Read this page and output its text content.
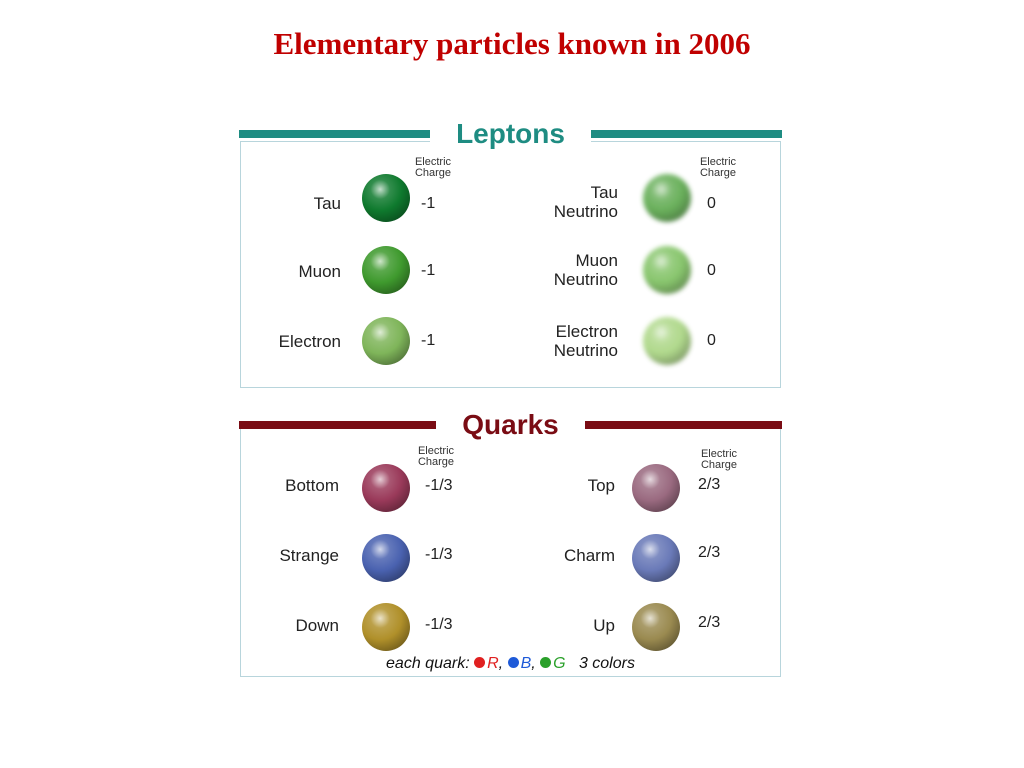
Elementary particles known in 2006
Leptons
Electric
Charge
Electric
Charge
Tau	-1
Muon	-1
Electron	-1
Tau
Neutrino	0
Muon
Neutrino	0
Electron
Neutrino
0
Quarks
Electric
Charge
Electric
Charge
Bottom	-1/3
Strange	-1/3
Down	-1/3
Top	2/3
Charm	2/3
Up	2/3
each quark: R, B, G 3 colors
